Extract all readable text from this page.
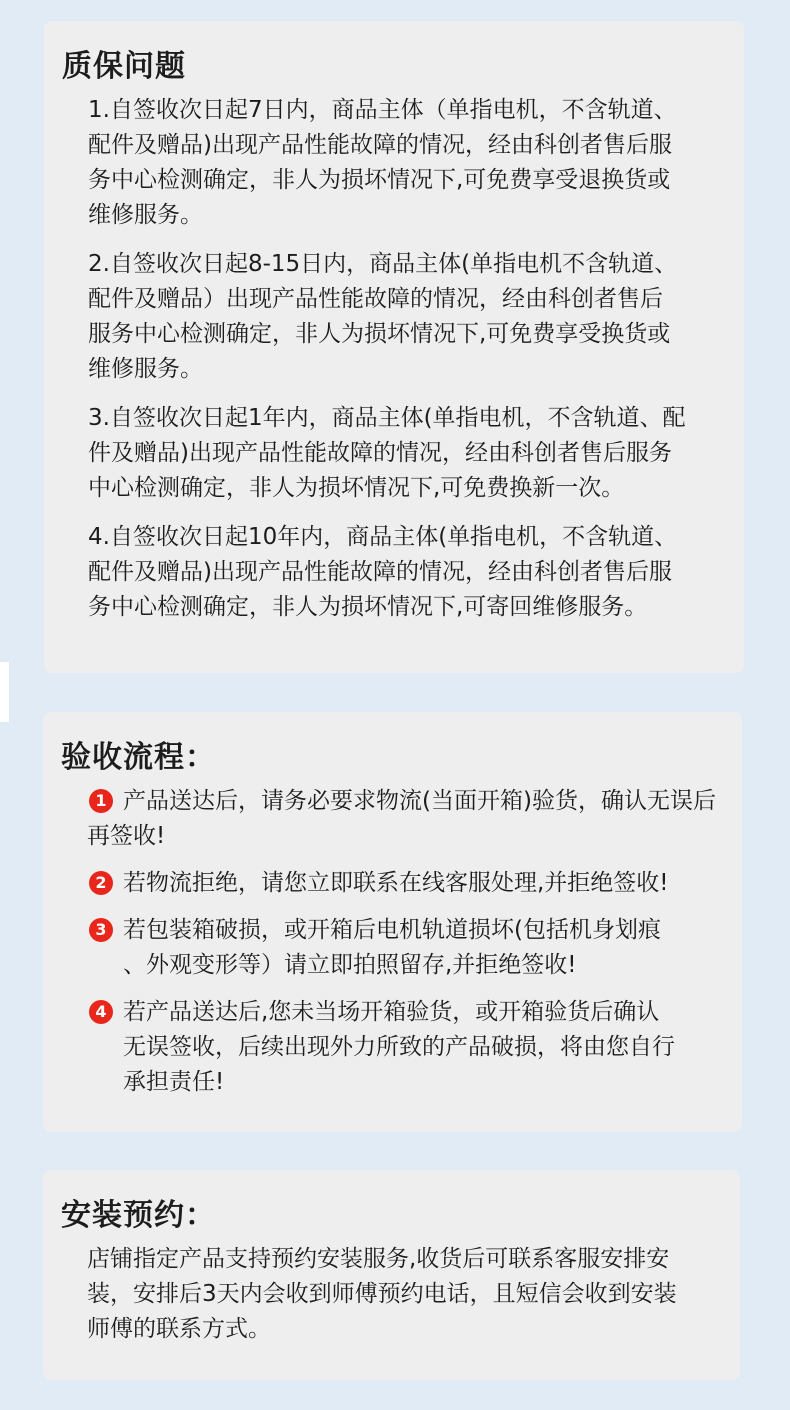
质保问题
1.自签收次日起7日内，商品主体（单指电机，不含轨道、
配件及赠品)出现产品性能故障的情况，经由科创者售后服
务中心检测确定，非人为损坏情况下,可免费享受退换货或
维修服务。
2.自签收次日起8-15日内，商品主体(单指电机不含轨道、
配件及赠品）出现产品性能故障的情况，经由科创者售后
服务中心检测确定，非人为损坏情况下,可免费享受换货或
维修服务。
3.自签收次日起1年内，商品主体(单指电机，不含轨道、配
件及赠品)出现产品性能故障的情况，经由科创者售后服务
中心检测确定，非人为损坏情况下,可免费换新一次。
4.自签收次日起10年内，商品主体(单指电机，不含轨道、
配件及赠品)出现产品性能故障的情况，经由科创者售后服
务中心检测确定，非人为损坏情况下,可寄回维修服务。
验收流程：
1 产品送达后，请务必要求物流(当面开箱)验货，确认无误后
再签收!
2 若物流拒绝，请您立即联系在线客服处理,并拒绝签收!
3 若包装箱破损，或开箱后电机轨道损坏(包括机身划痕
、外观变形等）请立即拍照留存,并拒绝签收!
4 若产品送达后,您未当场开箱验货，或开箱验货后确认
无误签收，后续出现外力所致的产品破损，将由您自行
承担责任!
安装预约：
店铺指定产品支持预约安装服务,收货后可联系客服安排安
装，安排后3天内会收到师傅预约电话，且短信会收到安装
师傅的联系方式。
